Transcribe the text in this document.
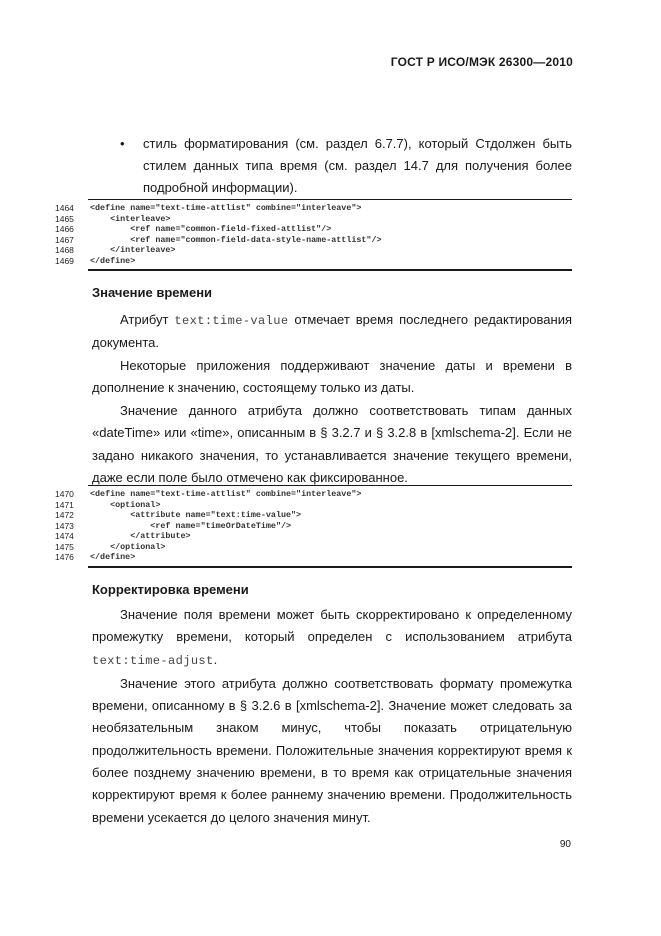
ГОСТ Р ИСО/МЭК 26300—2010
• стиль форматирования (см. раздел 6.7.7), который Стдолжен быть стилем данных типа время (см. раздел 14.7 для получения более подробной информации).
1464	<define name="text-time-attlist" combine="interleave">
1465	<interleave>
1466	<ref name="common-field-fixed-attlist"/>
1467	<ref name="common-field-data-style-name-attlist"/>
1468	</interleave>
1469	</define>
Значение времени

Атрибут text:time-value отмечает время последнего редактирования документа.

Некоторые приложения поддерживают значение даты и времени в дополнение к значению, состоящему только из даты.

Значение данного атрибута должно соответствовать типам данных «dateTime» или «time», описанным в § 3.2.7 и § 3.2.8 в [xmlschema-2]. Если не задано никакого значения, то устанавливается значение текущего времени, даже если поле было отмечено как фиксированное.

1470	<define name="text-time-attlist" combine="interleave">
1471	<optional>
1472	<attribute name="text:time-value">
1473	<ref name="timeOrDateTime"/>
1474	</attribute>
1475	</optional>
1476	</define>
Корректировка времени

Значение поля времени может быть скорректировано к определенному промежутку времени, который определен с использованием атрибута text:time-adjust.

Значение этого атрибута должно соответствовать формату промежутка времени, описанному в § 3.2.6 в [xmlschema-2]. Значение может следовать за необязательным знаком минус, чтобы показать отрицательную продолжительность времени. Положительные значения корректируют время к более позднему значению времени, в то время как отрицательные значения корректируют время к более раннему значению времени. Продолжительность времени усекается до целого значения минут.

90
